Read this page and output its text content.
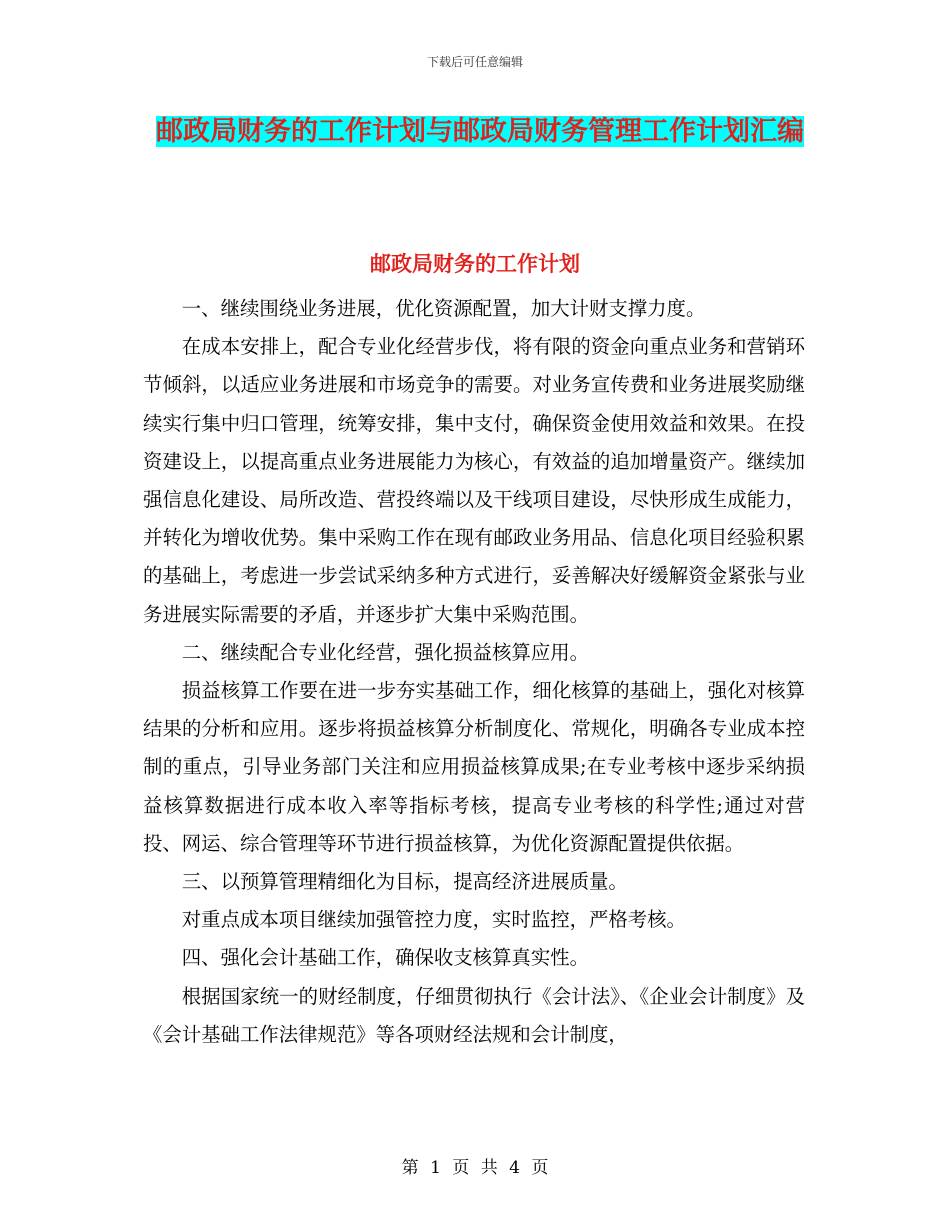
下载后可任意编辑
邮政局财务的工作计划与邮政局财务管理工作计划汇编
邮政局财务的工作计划

一、继续围绕业务进展，优化资源配置，加大计财支撑力度。

在成本安排上，配合专业化经营步伐，将有限的资金向重点业务和营销环节倾斜，以适应业务进展和市场竞争的需要。对业务宣传费和业务进展奖励继续实行集中归口管理，统筹安排，集中支付，确保资金使用效益和效果。在投资建设上，以提高重点业务进展能力为核心，有效益的追加增量资产。继续加强信息化建设、局所改造、营投终端以及干线项目建设，尽快形成生成能力，并转化为增收优势。集中采购工作在现有邮政业务用品、信息化项目经验积累的基础上，考虑进一步尝试采纳多种方式进行，妥善解决好缓解资金紧张与业务进展实际需要的矛盾，并逐步扩大集中采购范围。

二、继续配合专业化经营，强化损益核算应用。

损益核算工作要在进一步夯实基础工作，细化核算的基础上，强化对核算结果的分析和应用。逐步将损益核算分析制度化、常规化，明确各专业成本控制的重点，引导业务部门关注和应用损益核算成果;在专业考核中逐步采纳损益核算数据进行成本收入率等指标考核，提高专业考核的科学性;通过对营投、网运、综合管理等环节进行损益核算，为优化资源配置提供依据。

三、以预算管理精细化为目标，提高经济进展质量。

对重点成本项目继续加强管控力度，实时监控，严格考核。

四、强化会计基础工作，确保收支核算真实性。

根据国家统一的财经制度，仔细贯彻执行《会计法》、《企业会计制度》及《会计基础工作法律规范》等各项财经法规和会计制度，

第 1 页 共 4 页
